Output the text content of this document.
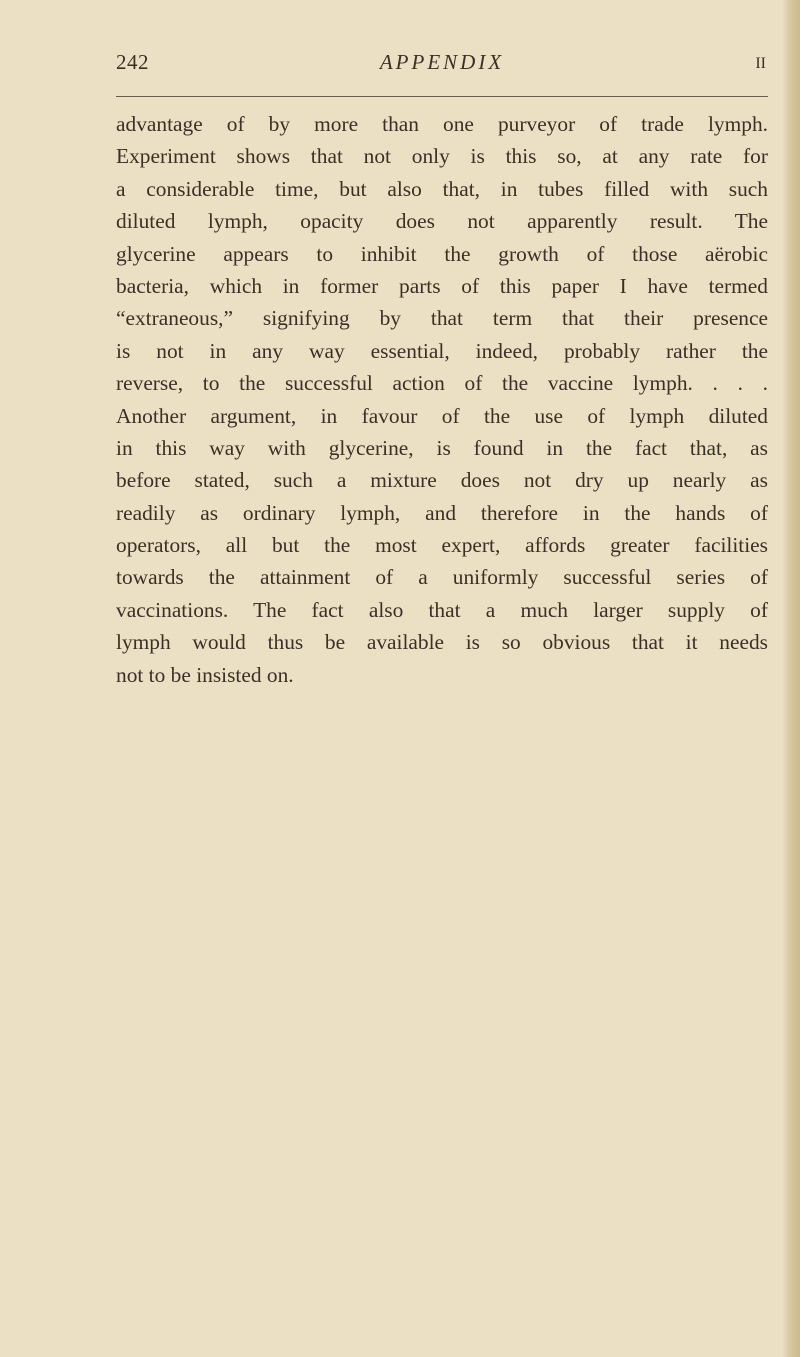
242	APPENDIX	II
advantage of by more than one purveyor of trade lymph.
Experiment shows that not only is this so, at any rate for
a considerable time, but also that, in tubes filled with such
diluted lymph, opacity does not apparently result. The
glycerine appears to inhibit the growth of those aërobic
bacteria, which in former parts of this paper I have termed
“extraneous,” signifying by that term that their presence
is not in any way essential, indeed, probably rather the
reverse, to the successful action of the vaccine lymph. . . .
Another argument, in favour of the use of lymph diluted
in this way with glycerine, is found in the fact that, as
before stated, such a mixture does not dry up nearly as
readily as ordinary lymph, and therefore in the hands of
operators, all but the most expert, affords greater facilities
towards the attainment of a uniformly successful series of
vaccinations. The fact also that a much larger supply of
lymph would thus be available is so obvious that it needs
not to be insisted on.
